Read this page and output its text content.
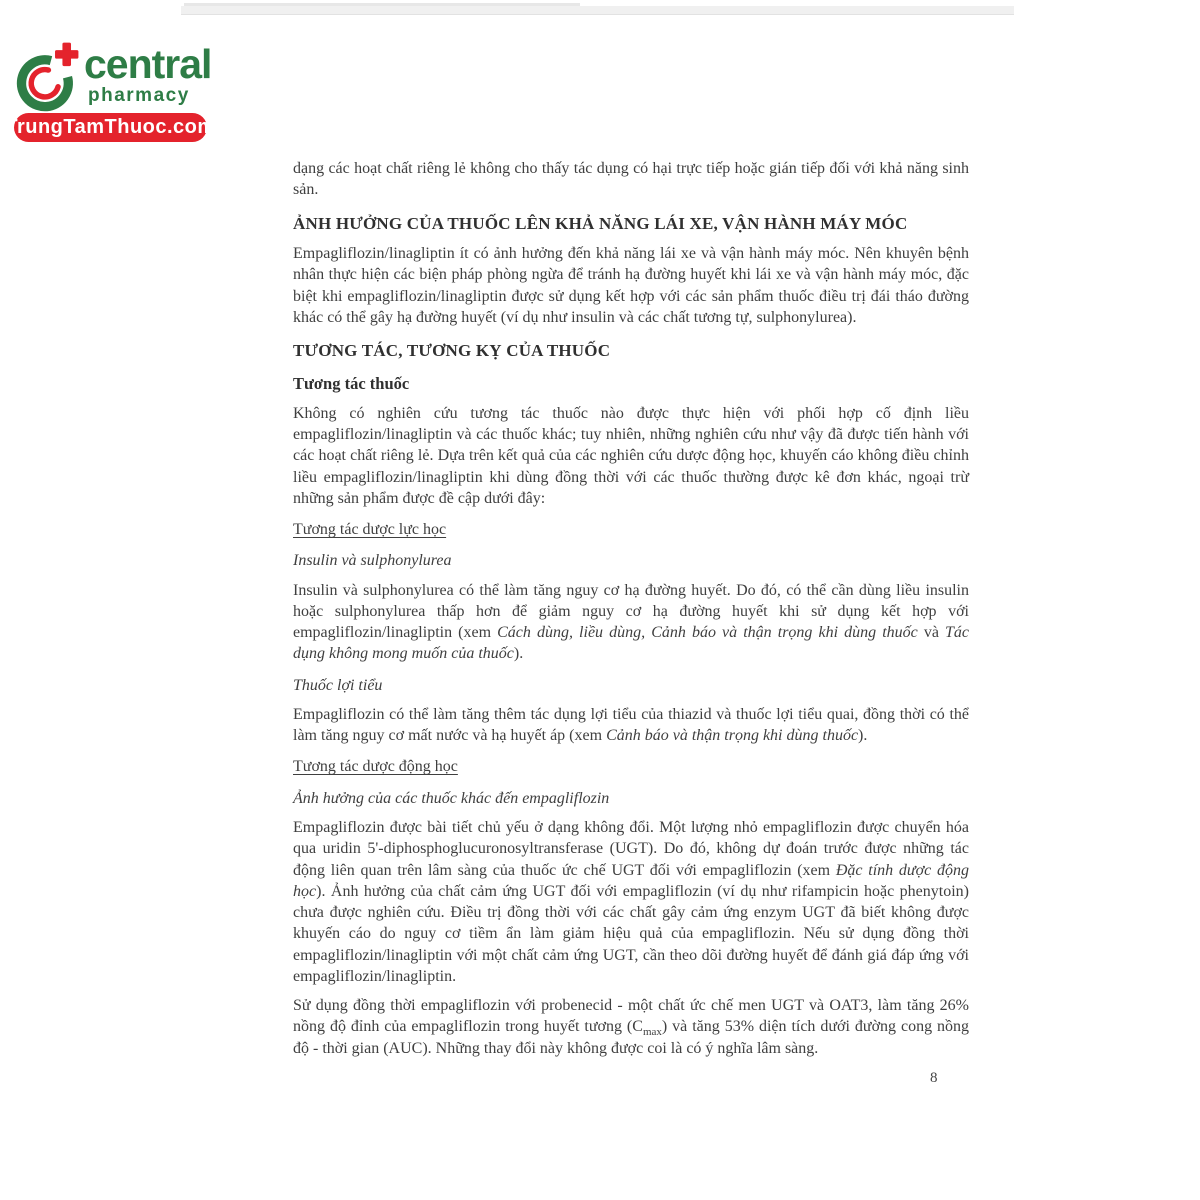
central
pharmacy
TrungTamThuoc.com

dạng các hoạt chất riêng lẻ không cho thấy tác dụng có hại trực tiếp hoặc gián tiếp đối với khả năng sinh sản.

ẢNH HƯỞNG CỦA THUỐC LÊN KHẢ NĂNG LÁI XE, VẬN HÀNH MÁY MÓC

Empagliflozin/linagliptin ít có ảnh hưởng đến khả năng lái xe và vận hành máy móc. Nên khuyên bệnh nhân thực hiện các biện pháp phòng ngừa để tránh hạ đường huyết khi lái xe và vận hành máy móc, đặc biệt khi empagliflozin/linagliptin được sử dụng kết hợp với các sản phẩm thuốc điều trị đái tháo đường khác có thể gây hạ đường huyết (ví dụ như insulin và các chất tương tự, sulphonylurea).

TƯƠNG TÁC, TƯƠNG KỴ CỦA THUỐC
Tương tác thuốc

Không có nghiên cứu tương tác thuốc nào được thực hiện với phối hợp cố định liều empagliflozin/linagliptin và các thuốc khác; tuy nhiên, những nghiên cứu như vậy đã được tiến hành với các hoạt chất riêng lẻ. Dựa trên kết quả của các nghiên cứu dược động học, khuyến cáo không điều chỉnh liều empagliflozin/linagliptin khi dùng đồng thời với các thuốc thường được kê đơn khác, ngoại trừ những sản phẩm được đề cập dưới đây:

Tương tác dược lực học

Insulin và sulphonylurea

Insulin và sulphonylurea có thể làm tăng nguy cơ hạ đường huyết. Do đó, có thể cần dùng liều insulin hoặc sulphonylurea thấp hơn để giảm nguy cơ hạ đường huyết khi sử dụng kết hợp với empagliflozin/linagliptin (xem Cách dùng, liều dùng, Cảnh báo và thận trọng khi dùng thuốc và Tác dụng không mong muốn của thuốc).

Thuốc lợi tiểu

Empagliflozin có thể làm tăng thêm tác dụng lợi tiểu của thiazid và thuốc lợi tiểu quai, đồng thời có thể làm tăng nguy cơ mất nước và hạ huyết áp (xem Cảnh báo và thận trọng khi dùng thuốc).

Tương tác dược động học

Ảnh hưởng của các thuốc khác đến empagliflozin

Empagliflozin được bài tiết chủ yếu ở dạng không đổi. Một lượng nhỏ empagliflozin được chuyển hóa qua uridin 5'-diphosphoglucuronosyltransferase (UGT). Do đó, không dự đoán trước được những tác động liên quan trên lâm sàng của thuốc ức chế UGT đối với empagliflozin (xem Đặc tính dược động học). Ảnh hưởng của chất cảm ứng UGT đối với empagliflozin (ví dụ như rifampicin hoặc phenytoin) chưa được nghiên cứu. Điều trị đồng thời với các chất gây cảm ứng enzym UGT đã biết không được khuyến cáo do nguy cơ tiềm ẩn làm giảm hiệu quả của empagliflozin. Nếu sử dụng đồng thời empagliflozin/linagliptin với một chất cảm ứng UGT, cần theo dõi đường huyết để đánh giá đáp ứng với empagliflozin/linagliptin.

Sử dụng đồng thời empagliflozin với probenecid - một chất ức chế men UGT và OAT3, làm tăng 26% nồng độ đỉnh của empagliflozin trong huyết tương $(C_{max})$ và tăng 53% diện tích dưới đường cong nồng độ - thời gian (AUC). Những thay đổi này không được coi là có ý nghĩa lâm sàng.

8
